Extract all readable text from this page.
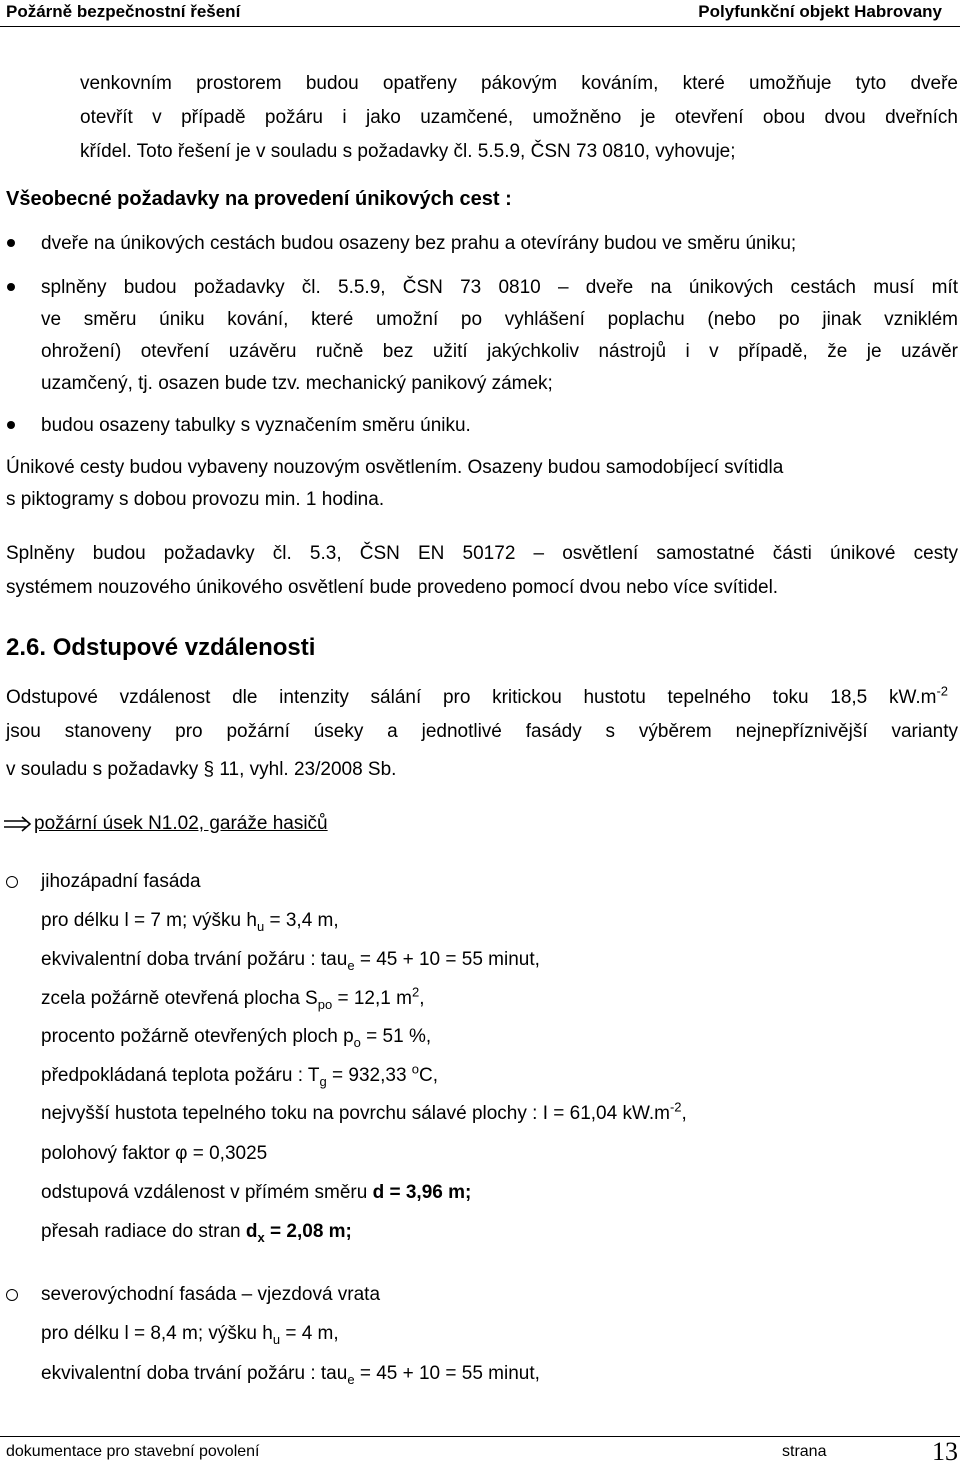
Požárně bezpečnostní řešení	Polyfunkční objekt Habrovany
venkovním prostorem budou opatřeny pákovým kováním, které umožňuje tyto dveře
otevřít v případě požáru i jako uzamčené, umožněno je otevření obou dvou dveřních
křídel. Toto řešení je v souladu s požadavky čl. 5.5.9, ČSN 73 0810, vyhovuje;
Všeobecné požadavky na provedení únikových cest :
dveře na únikových cestách budou osazeny bez prahu a otevírány budou ve směru úniku;
splněny budou požadavky čl. 5.5.9, ČSN 73 0810 – dveře na únikových cestách musí mít
ve směru úniku kování, které umožní po vyhlášení poplachu (nebo po jinak vzniklém
ohrožení) otevření uzávěru ručně bez užití jakýchkoliv nástrojů i v případě, že je uzávěr
uzamčený, tj. osazen bude tzv. mechanický panikový zámek;
budou osazeny tabulky s vyznačením směru úniku.
Únikové cesty budou vybaveny nouzovým osvětlením. Osazeny budou samodobíjecí svítidla
s piktogramy s dobou provozu min. 1 hodina.
Splněny budou požadavky čl. 5.3, ČSN EN 50172 – osvětlení samostatné části únikové cesty
systémem nouzového únikového osvětlení bude provedeno pomocí dvou nebo více svítidel.
2.6. Odstupové vzdálenosti
Odstupové vzdálenost dle intenzity sálání pro kritickou hustotu tepelného toku 18,5 $kW.m^{-2}$
jsou stanoveny pro požární úseky a jednotlivé fasády s výběrem nejnepříznivější varianty
v souladu s požadavky § 11, vyhl. 23/2008 Sb.
požární úsek N1.02, garáže hasičů
jihozápadní fasáda
pro délku l = 7 m; výšku $h_u = 3,4$ m,
ekvivalentní doba trvání požáru : tau$_e$ = 45 + 10 = 55 minut,
zcela požárně otevřená plocha $S_{po} = 12,1$ $m^2$,
procento požárně otevřených ploch $p_o = 51$ %,
předpokládaná teplota požáru : $T_g = 932,33$ $^o$C,
nejvyšší hustota tepelného toku na povrchu sálavé plochy : I = 61,04 $kW.m^{-2}$,
polohový faktor φ = 0,3025
odstupová vzdálenost v přímém směru d = 3,96 m;
přesah radiace do stran $d_x = 2,08$ m;
severovýchodní fasáda – vjezdová vrata
pro délku l = 8,4 m; výšku $h_u = 4$ m,
ekvivalentní doba trvání požáru : tau$_e$ = 45 + 10 = 55 minut,
dokumentace pro stavební povolení	strana	13
